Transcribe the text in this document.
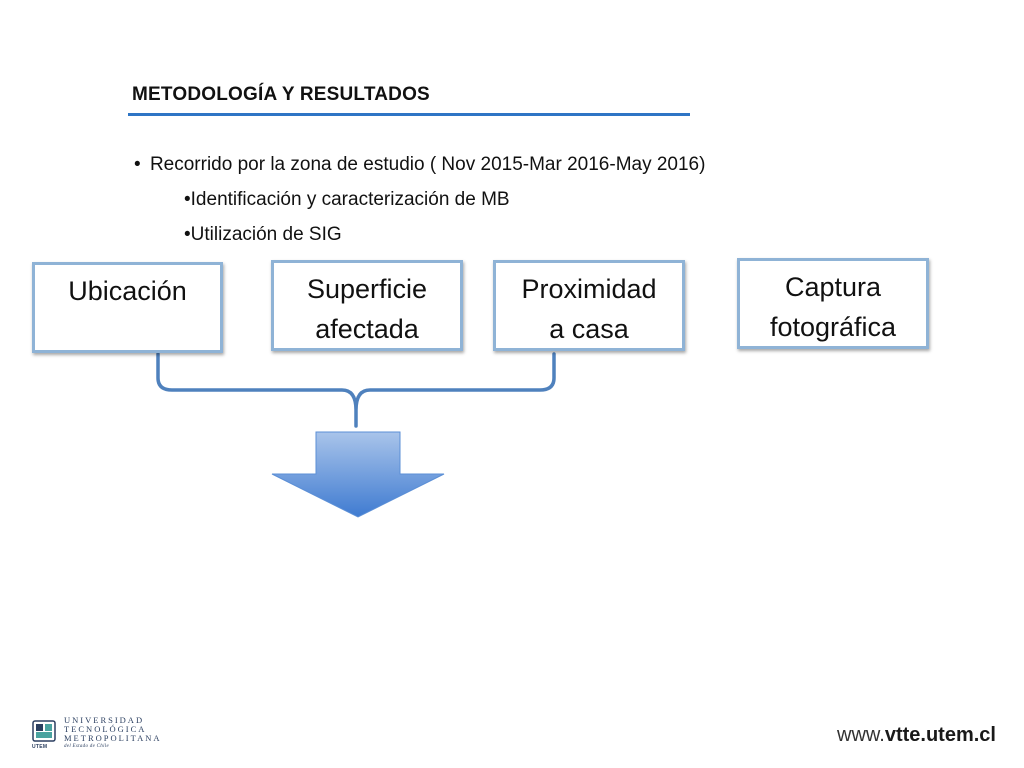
METODOLOGÍA Y RESULTADOS
• Recorrido por la zona de estudio ( Nov 2015-Mar 2016-May 2016)
•Identificación y caracterización de MB
•Utilización de SIG
Ubicación	Superficie
afectada
Proximidad
a casa
Captura
fotográfica
UTEM
UNIVERSIDAD
TECNOLÓGICA
METROPOLITANA
del Estado de Chile
www.vtte.utem.cl
